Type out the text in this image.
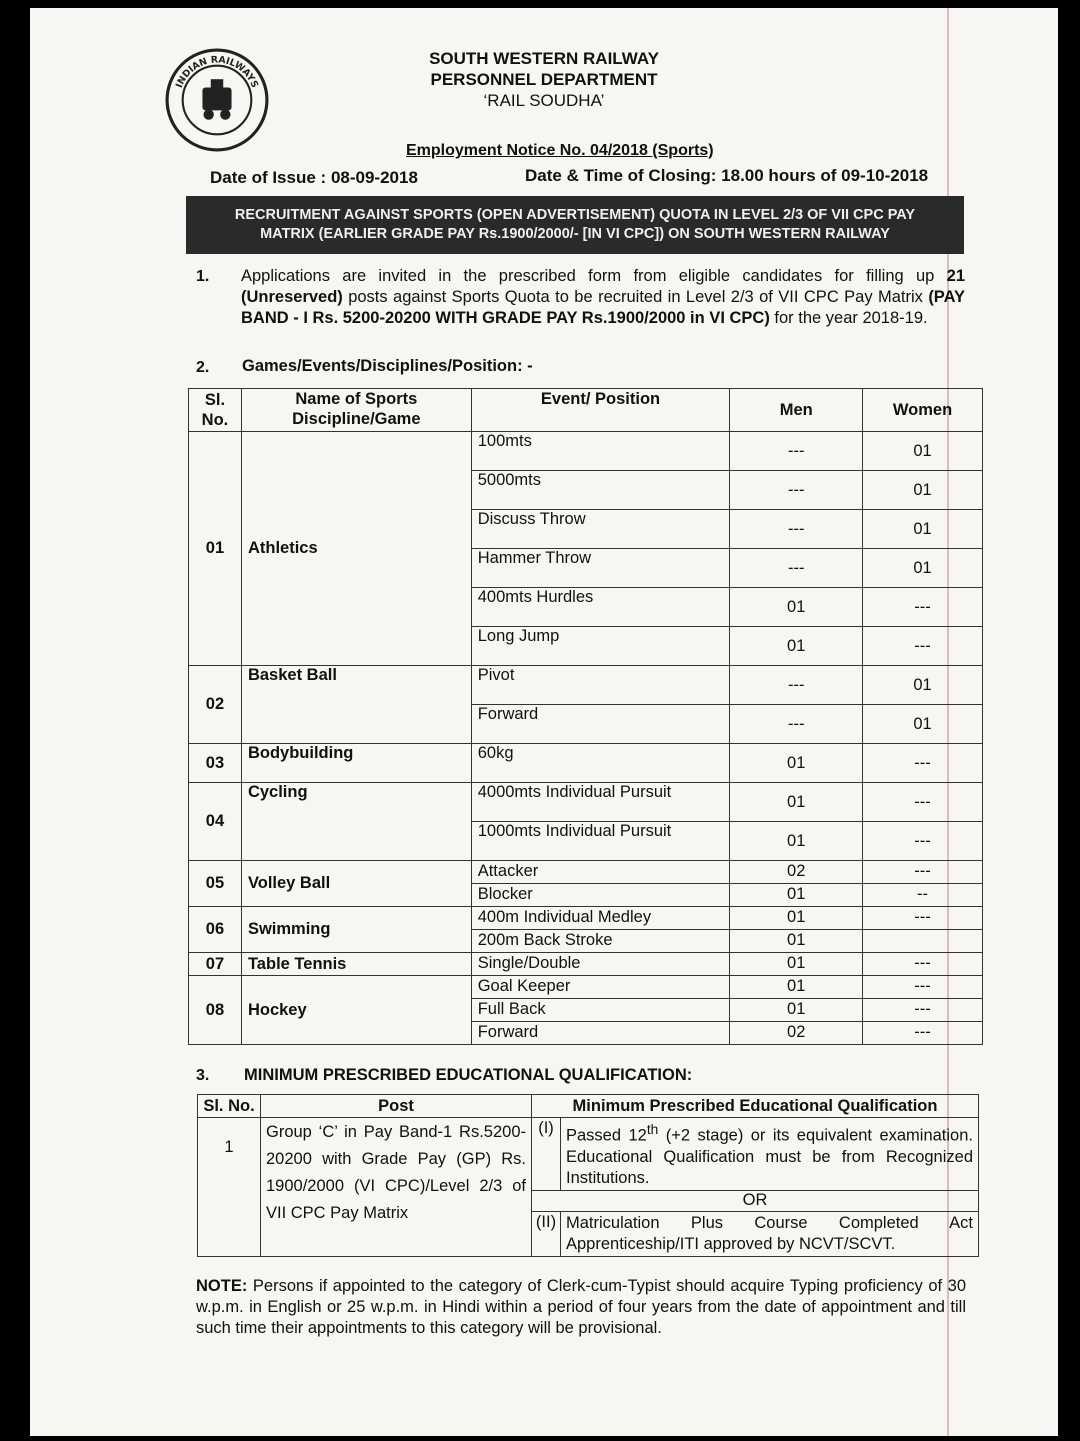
INDIAN RAILWAYS
SOUTH WESTERN RAILWAY
PERSONNEL DEPARTMENT
‘RAIL SOUDHA’
Employment Notice No. 04/2018 (Sports)
Date of Issue : 08-09-2018	Date & Time of Closing: 18.00 hours of 09-10-2018
RECRUITMENT AGAINST SPORTS (OPEN ADVERTISEMENT) QUOTA IN LEVEL 2/3 OF VII CPC PAY
MATRIX (EARLIER GRADE PAY Rs.1900/2000/- [IN VI CPC]) ON SOUTH WESTERN RAILWAY
1. Applications are invited in the prescribed form from eligible candidates for filling up 21 (Unreserved) posts against Sports Quota to be recruited in Level 2/3 of VII CPC Pay Matrix (PAY BAND - I Rs. 5200-20200 WITH GRADE PAY Rs.1900/2000 in VI CPC) for the year 2018-19.
2. Games/Events/Disciplines/Position: -
Sl. No.	Name of Sports Discipline/Game	Event/ Position	Men	Women
01	Athletics	100mts	---	01
		5000mts	---	01
		Discuss Throw	---	01
		Hammer Throw	---	01
		400mts Hurdles	01	---
		Long Jump	01	---
02	Basket Ball	Pivot	---	01
		Forward	---	01
03	Bodybuilding	60kg	01	---
04	Cycling	4000mts Individual Pursuit	01	---
		1000mts Individual Pursuit	01	---
05	Volley Ball	Attacker	02	---
		Blocker	01	--
06	Swimming	400m Individual Medley	01	---
		200m Back Stroke	01	
07	Table Tennis	Single/Double	01	---
08	Hockey	Goal Keeper	01	---
		Full Back	01	---
		Forward	02	---
3. MINIMUM PRESCRIBED EDUCATIONAL QUALIFICATION:
Sl. No.	Post	Minimum Prescribed Educational Qualification	
1	Group ‘C’ in Pay Band-1 Rs.5200-20200 with Grade Pay (GP) Rs. 1900/2000 (VI CPC)/Level 2/3 of VII CPC Pay Matrix	(I)	Passed 12th (+2 stage) or its equivalent examination. Educational Qualification must be from Recognized Institutions.
		OR	
		(II)	Matriculation Plus Course Completed Act Apprenticeship/ITI approved by NCVT/SCVT.
NOTE: Persons if appointed to the category of Clerk-cum-Typist should acquire Typing proficiency of 30 w.p.m. in English or 25 w.p.m. in Hindi within a period of four years from the date of appointment and till such time their appointments to this category will be provisional.
